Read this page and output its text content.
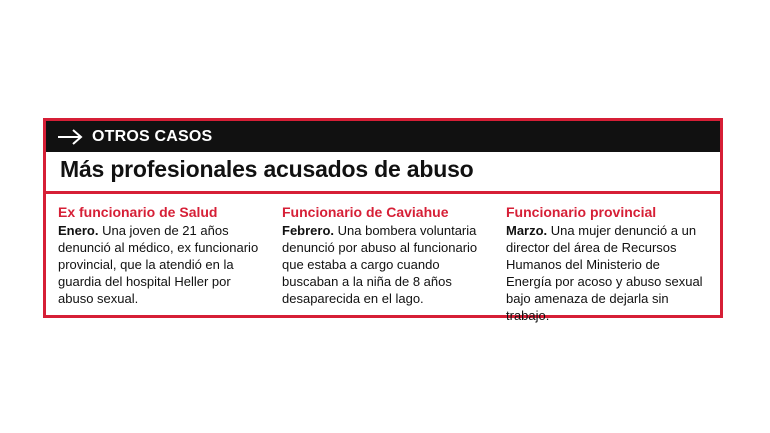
OTROS CASOS
Más profesionales acusados de abuso
Ex funcionario de Salud

Enero. Una joven de 21 años denunció al médico, ex funcionario provincial, que la atendió en la guardia del hospital Heller por abuso sexual.

Funcionario de Caviahue

Febrero. Una bombera voluntaria denunció por abuso al funcionario que estaba a cargo cuando buscaban a la niña de 8 años desaparecida en el lago.

Funcionario provincial

Marzo. Una mujer denunció a un director del área de Recursos Humanos del Ministerio de Energía por acoso y abuso sexual bajo amenaza de dejarla sin trabajo.
